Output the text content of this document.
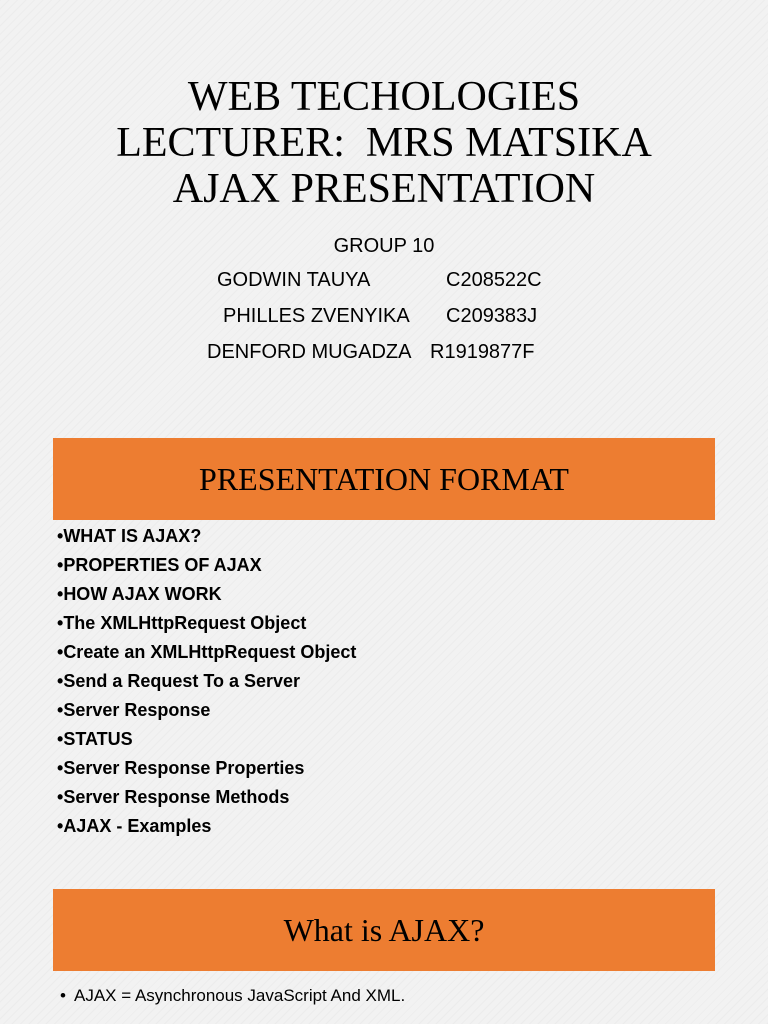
WEB TECHOLOGIES
LECTURER:  MRS MATSIKA
AJAX PRESENTATION
GROUP 10
GODWIN TAUYA	C208522C
PHILLES ZVENYIKA C209383J
DENFORD MUGADZA R1919877F
PRESENTATION FORMAT
•WHAT IS AJAX?
•PROPERTIES OF AJAX
•HOW AJAX WORK
•The XMLHttpRequest Object
•Create an XMLHttpRequest Object
•Send a Request To a Server
•Server Response
•STATUS
•Server Response Properties
•Server Response Methods
•AJAX - Examples
What is AJAX?
• AJAX = Asynchronous JavaScript And XML.
